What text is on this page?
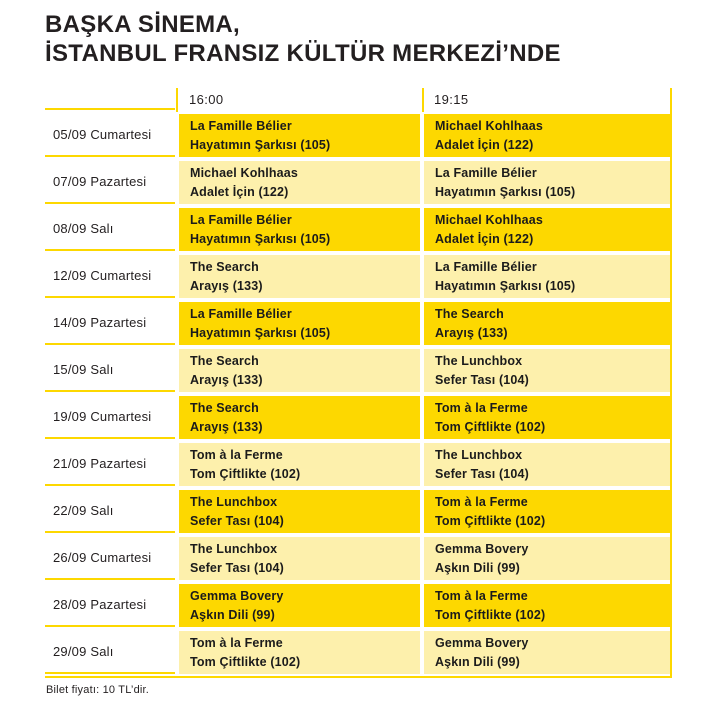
BAŞKA SİNEMA,
İSTANBUL FRANSIZ KÜLTÜR MERKEZİ’NDE
16:00	19:15
05/09 Cumartesi
La Famille Bélier
Hayatımın Şarkısı (105)
Michael Kohlhaas
Adalet İçin (122)
07/09 Pazartesi
Michael Kohlhaas
Adalet İçin (122)
La Famille Bélier
Hayatımın Şarkısı (105)
08/09 Salı
La Famille Bélier
Hayatımın Şarkısı (105)
Michael Kohlhaas
Adalet İçin (122)
12/09 Cumartesi
The Search
Arayış (133)
La Famille Bélier
Hayatımın Şarkısı (105)
14/09 Pazartesi
La Famille Bélier
Hayatımın Şarkısı (105)
The Search
Arayış (133)
15/09 Salı
The Search
Arayış (133)
The Lunchbox
Sefer Tası (104)
19/09 Cumartesi
The Search
Arayış (133)
Tom à la Ferme
Tom Çiftlikte (102)
21/09 Pazartesi
Tom à la Ferme
Tom Çiftlikte (102)
The Lunchbox
Sefer Tası (104)
22/09 Salı
The Lunchbox
Sefer Tası (104)
Tom à la Ferme
Tom Çiftlikte (102)
26/09 Cumartesi
The Lunchbox
Sefer Tası (104)
Gemma Bovery
Aşkın Dili (99)
28/09 Pazartesi
Gemma Bovery
Aşkın Dili (99)
Tom à la Ferme
Tom Çiftlikte (102)
29/09 Salı
Tom à la Ferme
Tom Çiftlikte (102)
Gemma Bovery
Aşkın Dili (99)
Bilet fiyatı: 10 TL’dir.
